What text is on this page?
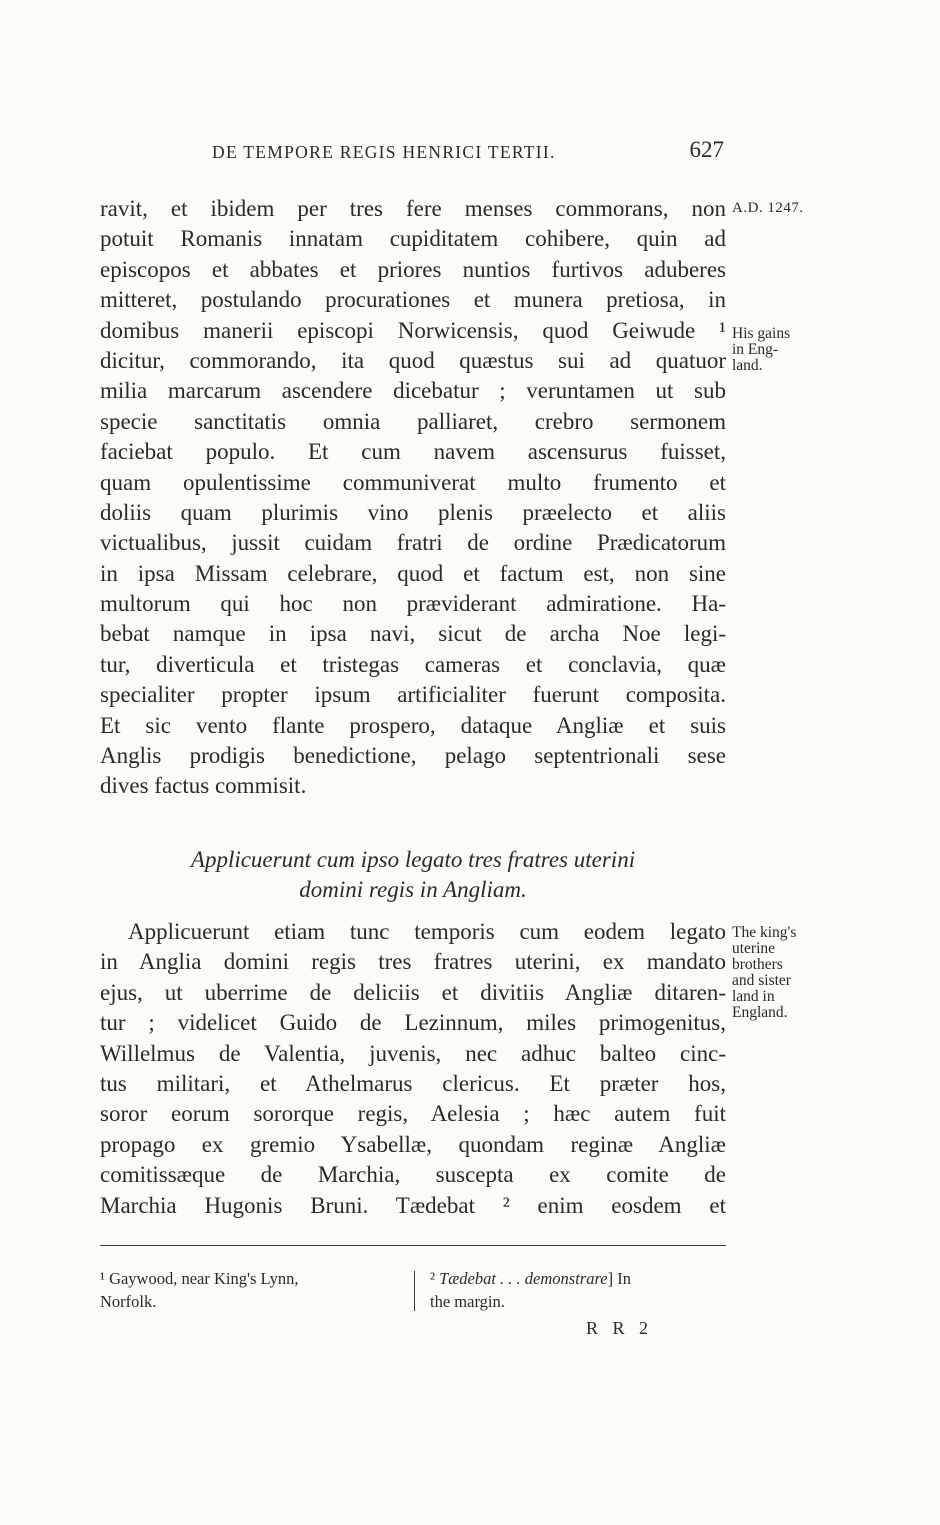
DE TEMPORE REGIS HENRICI TERTII.	627
ravit, et ibidem per tres fere menses commorans, non
potuit Romanis innatam cupiditatem cohibere, quin ad
episcopos et abbates et priores nuntios furtivos aduberes
mitteret, postulando procurationes et munera pretiosa, in
domibus manerii episcopi Norwicensis, quod Geiwude ¹
dicitur, commorando, ita quod quæstus sui ad quatuor
milia marcarum ascendere dicebatur ; veruntamen ut sub
specie sanctitatis omnia palliaret, crebro sermonem
faciebat populo. Et cum navem ascensurus fuisset,
quam opulentissime communiverat multo frumento et
doliis quam plurimis vino plenis præelecto et aliis
victualibus, jussit cuidam fratri de ordine Prædicatorum
in ipsa Missam celebrare, quod et factum est, non sine
multorum qui hoc non præviderant admiratione. Ha-
bebat namque in ipsa navi, sicut de archa Noe legi-
tur, diverticula et tristegas cameras et conclavia, quæ
specialiter propter ipsum artificialiter fuerunt composita.
Et sic vento flante prospero, dataque Angliæ et suis
Anglis prodigis benedictione, pelago septentrionali sese
dives factus commisit.
A.D. 1247.
His gains
in Eng-
land.
Applicuerunt cum ipso legato tres fratres uterini
domini regis in Angliam.
Applicuerunt etiam tunc temporis cum eodem legato
in Anglia domini regis tres fratres uterini, ex mandato
ejus, ut uberrime de deliciis et divitiis Angliæ ditaren-
tur ; videlicet Guido de Lezinnum, miles primogenitus,
Willelmus de Valentia, juvenis, nec adhuc balteo cinc-
tus militari, et Athelmarus clericus. Et præter hos,
soror eorum sororque regis, Aelesia ; hæc autem fuit
propago ex gremio Ysabellæ, quondam reginæ Angliæ
comitissæque de Marchia, suscepta ex comite de
Marchia Hugonis Bruni. Tædebat ² enim eosdem et
The king's
uterine
brothers
and sister
land in
England.
¹ Gaywood, near King's Lynn,
Norfolk.
² Tædebat . . . demonstrare] In
the margin.
R R 2
